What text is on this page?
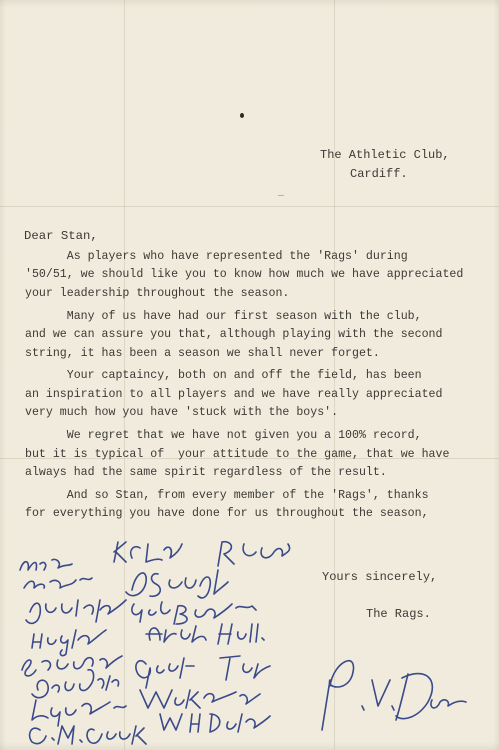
The Athletic Club,
Cardiff.
—
Dear Stan,

As players who have represented the 'Rags' during
'50/51, we should like you to know how much we have appreciated
your leadership throughout the season.

Many of us have had our first season with the club,
and we can assure you that, although playing with the second
string, it has been a season we shall never forget.

Your captaincy, both on and off the field, has been
an inspiration to all players and we have really appreciated
very much how you have 'stuck with the boys'.

We regret that we have not given you a 100% record,
but it is typical of  your attitude to the game, that we have
always had the same spirit regardless of the result.

And so Stan, from every member of the 'Rags', thanks
for everything you have done for us throughout the season,

Yours sincerely,
The Rags.
